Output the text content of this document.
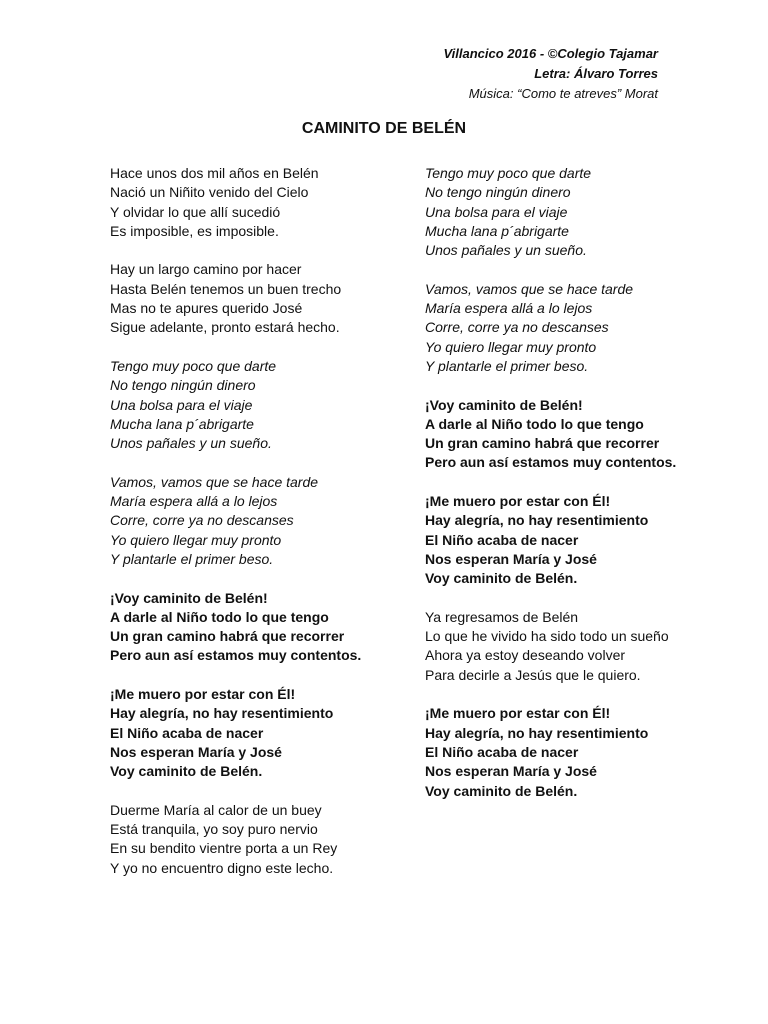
Villancico 2016 - ©Colegio Tajamar
Letra: Álvaro Torres
Música: “Como te atreves” Morat
CAMINITO DE BELÉN
Hace unos dos mil años en Belén
Nació un Niñito venido del Cielo
Y olvidar lo que allí sucedió
Es imposible, es imposible.
Hay un largo camino por hacer
Hasta Belén tenemos un buen trecho
Mas no te apures querido José
Sigue adelante, pronto estará hecho.
Tengo muy poco que darte
No tengo ningún dinero
Una bolsa para el viaje
Mucha lana p´abrigarte
Unos pañales y un sueño.
Vamos, vamos que se hace tarde
María espera allá a lo lejos
Corre, corre ya no descanses
Yo quiero llegar muy pronto
Y plantarle el primer beso.
¡Voy caminito de Belén!
A darle al Niño todo lo que tengo
Un gran camino habrá que recorrer
Pero aun así estamos muy contentos.
¡Me muero por estar con Él!
Hay alegría, no hay resentimiento
El Niño acaba de nacer
Nos esperan María y José
Voy caminito de Belén.
Duerme María al calor de un buey
Está tranquila, yo soy puro nervio
En su bendito vientre porta a un Rey
Y yo no encuentro digno este lecho.
Tengo muy poco que darte
No tengo ningún dinero
Una bolsa para el viaje
Mucha lana p´abrigarte
Unos pañales y un sueño.
Vamos, vamos que se hace tarde
María espera allá a lo lejos
Corre, corre ya no descanses
Yo quiero llegar muy pronto
Y plantarle el primer beso.
¡Voy caminito de Belén!
A darle al Niño todo lo que tengo
Un gran camino habrá que recorrer
Pero aun así estamos muy contentos.
¡Me muero por estar con Él!
Hay alegría, no hay resentimiento
El Niño acaba de nacer
Nos esperan María y José
Voy caminito de Belén.
Ya regresamos de Belén
Lo que he vivido ha sido todo un sueño
Ahora ya estoy deseando volver
Para decirle a Jesús que le quiero.
¡Me muero por estar con Él!
Hay alegría, no hay resentimiento
El Niño acaba de nacer
Nos esperan María y José
Voy caminito de Belén.
